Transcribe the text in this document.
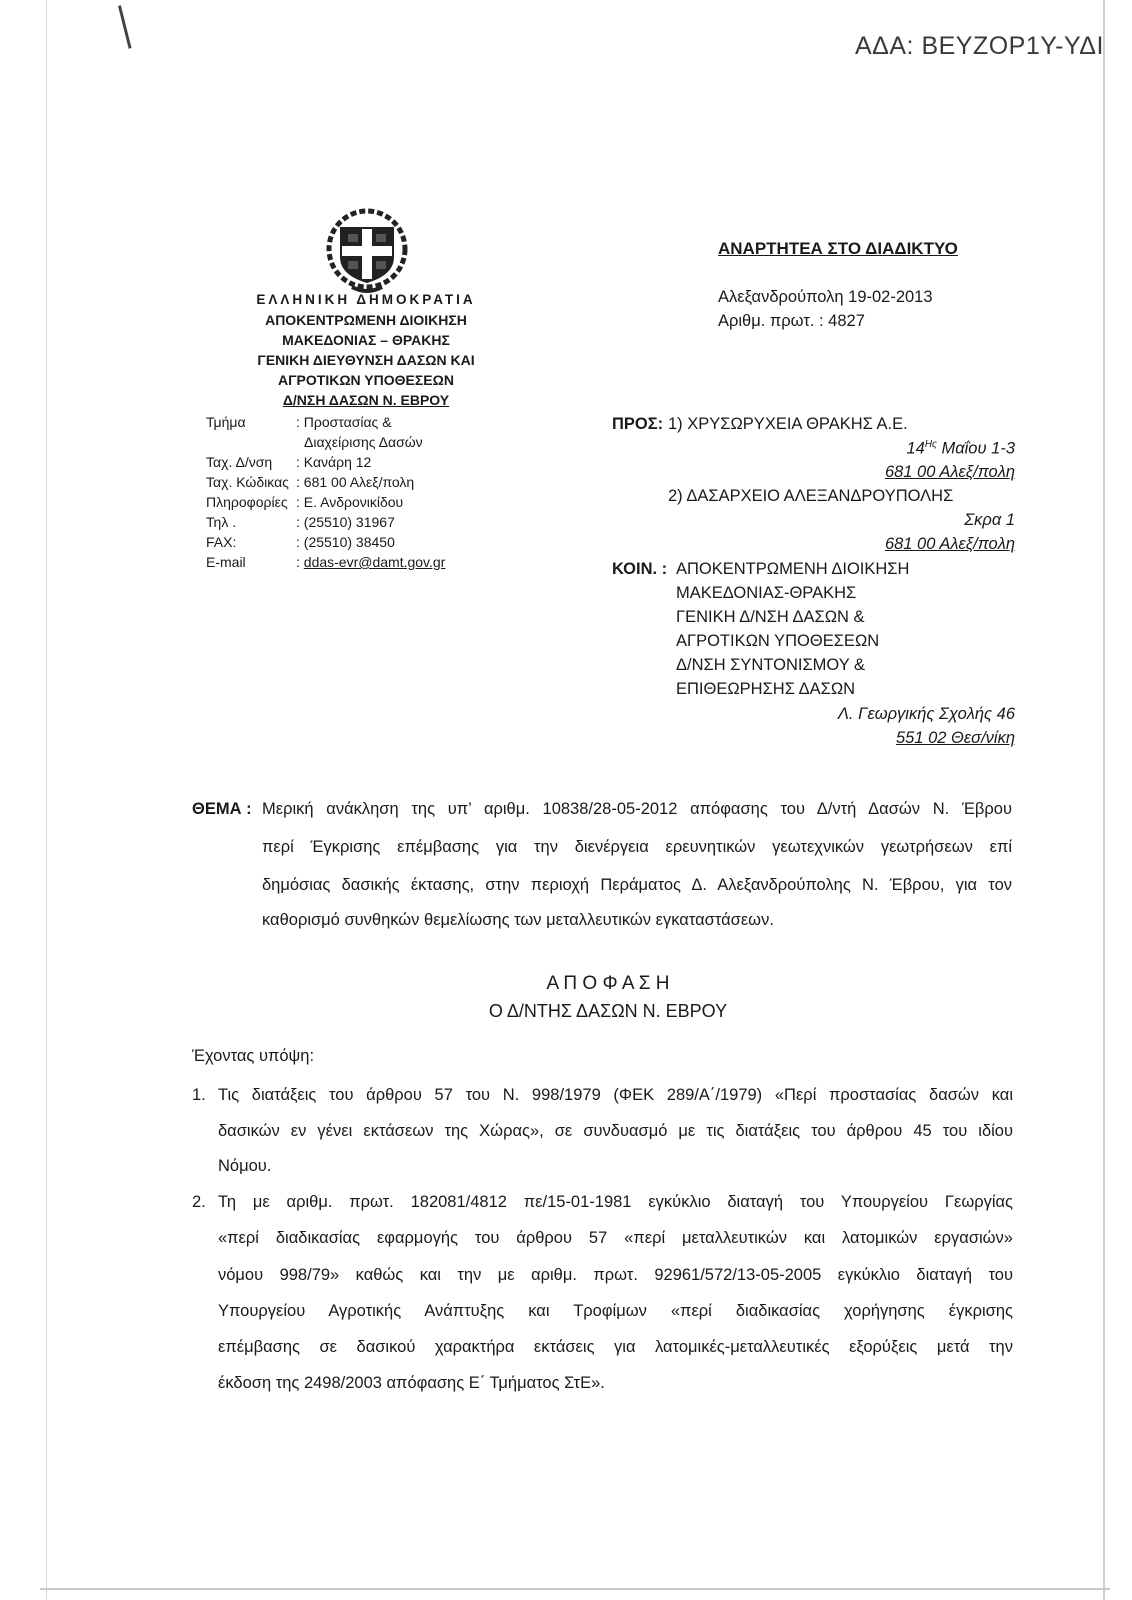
ΑΔΑ: ΒΕΥΖΟΡ1Υ-ΥΔΙ
ΕΛΛΗΝΙΚΗ ΔΗΜΟΚΡΑΤΙΑ
ΑΠΟΚΕΝΤΡΩΜΕΝΗ ΔΙΟΙΚΗΣΗ
ΜΑΚΕΔΟΝΙΑΣ – ΘΡΑΚΗΣ
ΓΕΝΙΚΗ ΔΙΕΥΘΥΝΣΗ ΔΑΣΩΝ ΚΑΙ
ΑΓΡΟΤΙΚΩΝ ΥΠΟΘΕΣΕΩΝ
Δ/ΝΣΗ ΔΑΣΩΝ Ν. ΕΒΡΟΥ
Τμήμα	: Προστασίας &
Διαχείρισης Δασών
Ταχ. Δ/νση : Κανάρη 12
Ταχ. Κώδικας : 681 00 Αλεξ/πολη
Πληροφορίες : Ε. Ανδρονικίδου
Τηλ .	: (25510) 31967
FAX:	: (25510) 38450
E-mail	: ddas-evr@damt.gov.gr
ΑΝΑΡΤΗΤΕΑ ΣΤΟ ΔΙΑΔΙΚΤΥΟ
Αλεξανδρούπολη 19-02-2013
Αριθμ. πρωτ. : 4827
ΠΡΟΣ: 1) ΧΡΥΣΩΡΥΧΕΙΑ ΘΡΑΚΗΣ Α.Ε.
$14^{H\varsigma}$ Μαΐου 1-3
681 00 Αλεξ/πολη
2) ΔΑΣΑΡΧΕΙΟ ΑΛΕΞΑΝΔΡΟΥΠΟΛΗΣ
Σκρα 1
681 00 Αλεξ/πολη
ΚΟΙΝ. : ΑΠΟΚΕΝΤΡΩΜΕΝΗ ΔΙΟΙΚΗΣΗ
ΜΑΚΕΔΟΝΙΑΣ-ΘΡΑΚΗΣ
ΓΕΝΙΚΗ Δ/ΝΣΗ ΔΑΣΩΝ &
ΑΓΡΟΤΙΚΩΝ ΥΠΟΘΕΣΕΩΝ
Δ/ΝΣΗ ΣΥΝΤΟΝΙΣΜΟΥ &
ΕΠΙΘΕΩΡΗΣΗΣ ΔΑΣΩΝ
Λ. Γεωργικής Σχολής 46
551 02 Θεσ/νίκη
ΘΕΜΑ : Μερική ανάκληση της υπ’ αριθμ. 10838/28-05-2012 απόφασης του Δ/ντή Δασών Ν. Έβρου
περί Έγκρισης επέμβασης για την διενέργεια ερευνητικών γεωτεχνικών γεωτρήσεων επί
δημόσιας δασικής έκτασης, στην περιοχή Περάματος Δ. Αλεξανδρούπολης Ν. Έβρου, για τον
καθορισμό συνθηκών θεμελίωσης των μεταλλευτικών εγκαταστάσεων.
Α Π Ο Φ Α Σ Η
Ο Δ/ΝΤΗΣ ΔΑΣΩΝ Ν. ΕΒΡΟΥ
Έχοντας υπόψη:
1. Τις διατάξεις του άρθρου 57 του Ν. 998/1979 (ΦΕΚ 289/Α΄/1979) «Περί προστασίας δασών και
δασικών εν γένει εκτάσεων της Χώρας», σε συνδυασμό με τις διατάξεις του άρθρου 45 του ιδίου
Νόμου.
2. Τη με αριθμ. πρωτ. 182081/4812 πε/15-01-1981 εγκύκλιο διαταγή του Υπουργείου Γεωργίας
«περί διαδικασίας εφαρμογής του άρθρου 57 «περί μεταλλευτικών και λατομικών εργασιών»
νόμου 998/79» καθώς και την με αριθμ. πρωτ. 92961/572/13-05-2005 εγκύκλιο διαταγή του
Υπουργείου Αγροτικής Ανάπτυξης και Τροφίμων «περί διαδικασίας χορήγησης έγκρισης
επέμβασης σε δασικού χαρακτήρα εκτάσεις για λατομικές-μεταλλευτικές εξορύξεις μετά την
έκδοση της 2498/2003 απόφασης Ε΄ Τμήματος ΣτΕ».
